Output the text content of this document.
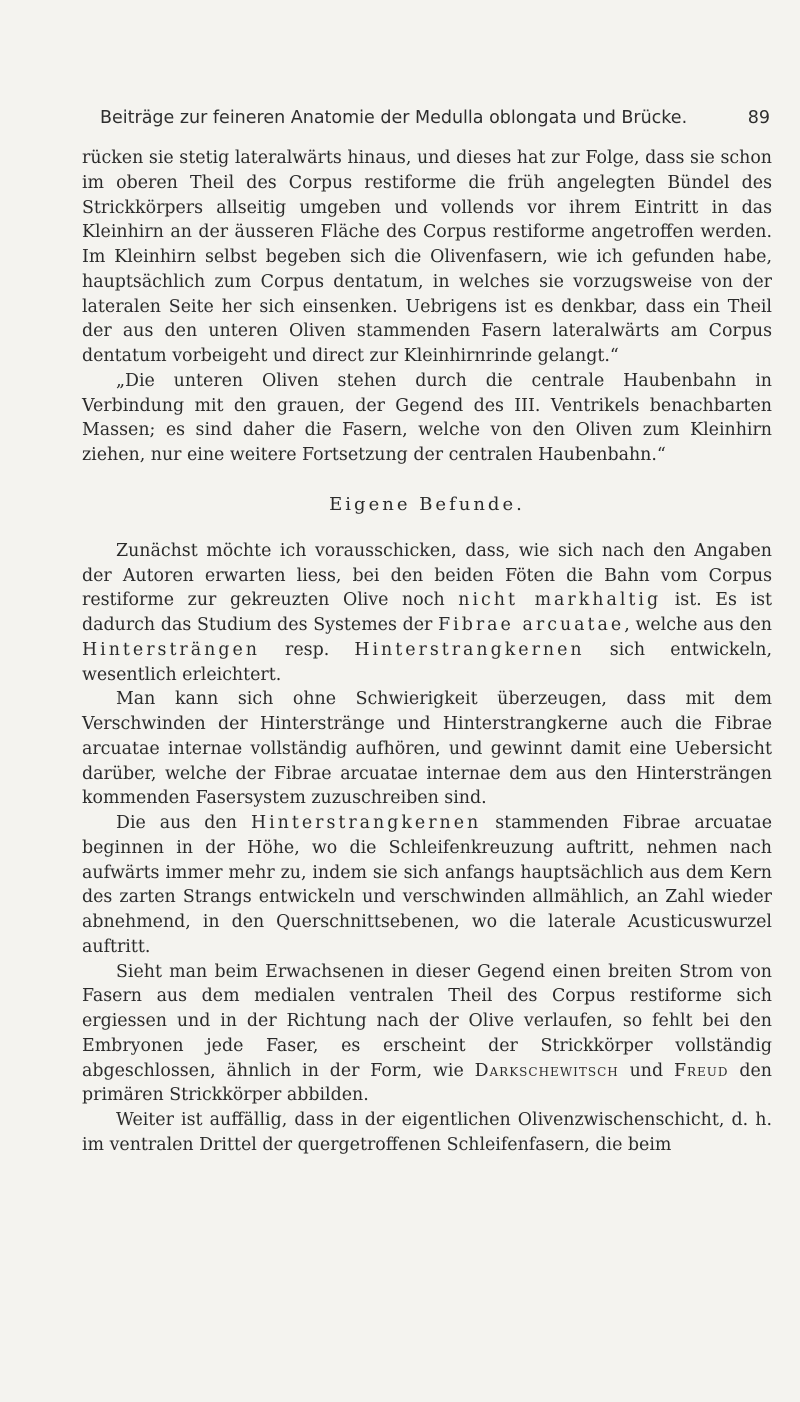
Beiträge zur feineren Anatomie der Medulla oblongata und Brücke.	89

rücken sie stetig lateralwärts hinaus, und dieses hat zur Folge, dass sie schon im oberen Theil des Corpus restiforme die früh angelegten Bündel des Strickkörpers allseitig umgeben und vollends vor ihrem Eintritt in das Kleinhirn an der äusseren Fläche des Corpus restiforme angetroffen werden. Im Kleinhirn selbst begeben sich die Olivenfasern, wie ich gefunden habe, hauptsächlich zum Corpus dentatum, in welches sie vorzugsweise von der lateralen Seite her sich einsenken. Uebrigens ist es denkbar, dass ein Theil der aus den unteren Oliven stammenden Fasern lateralwärts am Corpus dentatum vorbeigeht und direct zur Kleinhirnrinde gelangt.“

„Die unteren Oliven stehen durch die centrale Haubenbahn in Verbindung mit den grauen, der Gegend des III. Ventrikels benachbarten Massen; es sind daher die Fasern, welche von den Oliven zum Kleinhirn ziehen, nur eine weitere Fortsetzung der centralen Haubenbahn.“

Eigene Befunde.

Zunächst möchte ich vorausschicken, dass, wie sich nach den Angaben der Autoren erwarten liess, bei den beiden Föten die Bahn vom Corpus restiforme zur gekreuzten Olive noch nicht markhaltig ist. Es ist dadurch das Studium des Systemes der Fibrae arcuatae, welche aus den Hintersträngen resp. Hinterstrangkernen sich entwickeln, wesentlich erleichtert.

Man kann sich ohne Schwierigkeit überzeugen, dass mit dem Verschwinden der Hinterstränge und Hinterstrangkerne auch die Fibrae arcuatae internae vollständig aufhören, und gewinnt damit eine Uebersicht darüber, welche der Fibrae arcuatae internae dem aus den Hintersträngen kommenden Fasersystem zuzuschreiben sind.

Die aus den Hinterstrangkernen stammenden Fibrae arcuatae beginnen in der Höhe, wo die Schleifenkreuzung auftritt, nehmen nach aufwärts immer mehr zu, indem sie sich anfangs hauptsächlich aus dem Kern des zarten Strangs entwickeln und verschwinden allmählich, an Zahl wieder abnehmend, in den Querschnittsebenen, wo die laterale Acusticuswurzel auftritt.

Sieht man beim Erwachsenen in dieser Gegend einen breiten Strom von Fasern aus dem medialen ventralen Theil des Corpus restiforme sich ergiessen und in der Richtung nach der Olive verlaufen, so fehlt bei den Embryonen jede Faser, es erscheint der Strickkörper vollständig abgeschlossen, ähnlich in der Form, wie Darkschewitsch und Freud den primären Strickkörper abbilden.

Weiter ist auffällig, dass in der eigentlichen Olivenzwischenschicht, d. h. im ventralen Drittel der quergetroffenen Schleifenfasern, die beim
